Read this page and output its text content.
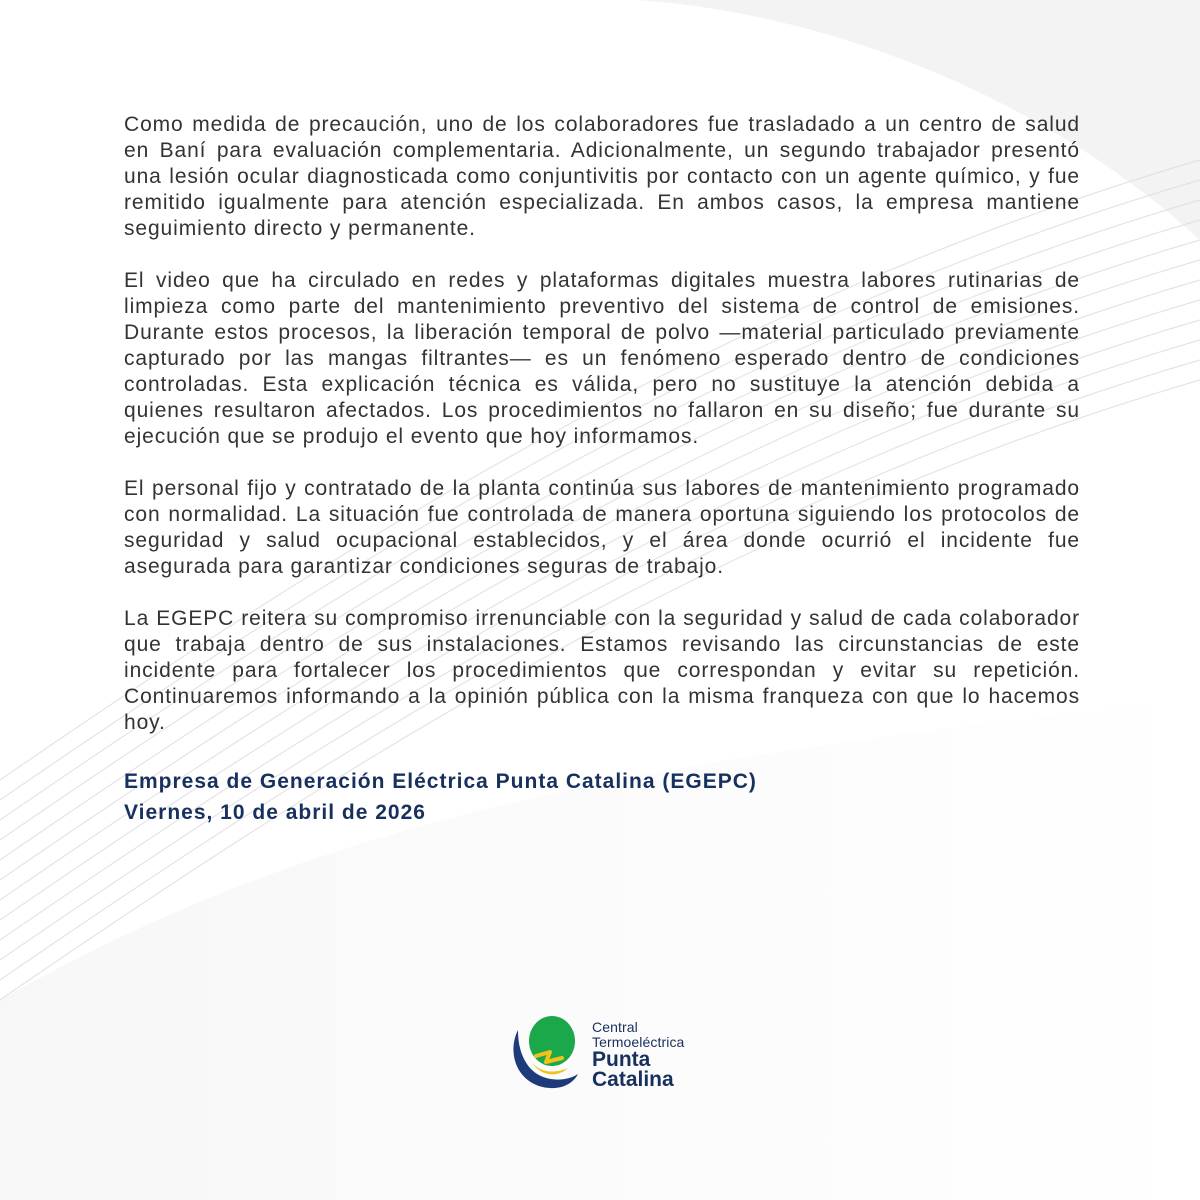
Como medida de precaución, uno de los colaboradores fue trasladado a un centro de salud en Baní para evaluación complementaria. Adicionalmente, un segundo trabajador presentó una lesión ocular diagnosticada como conjuntivitis por contacto con un agente químico, y fue remitido igualmente para atención especializada. En ambos casos, la empresa mantiene seguimiento directo y permanente.

El video que ha circulado en redes y plataformas digitales muestra labores rutinarias de limpieza como parte del mantenimiento preventivo del sistema de control de emisiones. Durante estos procesos, la liberación temporal de polvo —material particulado previamente capturado por las mangas filtrantes— es un fenómeno esperado dentro de condiciones controladas. Esta explicación técnica es válida, pero no sustituye la atención debida a quienes resultaron afectados. Los procedimientos no fallaron en su diseño; fue durante su ejecución que se produjo el evento que hoy informamos.

El personal fijo y contratado de la planta continúa sus labores de mantenimiento programado con normalidad. La situación fue controlada de manera oportuna siguiendo los protocolos de seguridad y salud ocupacional establecidos, y el área donde ocurrió el incidente fue asegurada para garantizar condiciones seguras de trabajo.

La EGEPC reitera su compromiso irrenunciable con la seguridad y salud de cada colaborador que trabaja dentro de sus instalaciones. Estamos revisando las circunstancias de este incidente para fortalecer los procedimientos que correspondan y evitar su repetición. Continuaremos informando a la opinión pública con la misma franqueza con que lo hacemos hoy.

Empresa de Generación Eléctrica Punta Catalina (EGEPC)
Viernes, 10 de abril de 2026
Central
Termoeléctrica
Punta
Catalina
